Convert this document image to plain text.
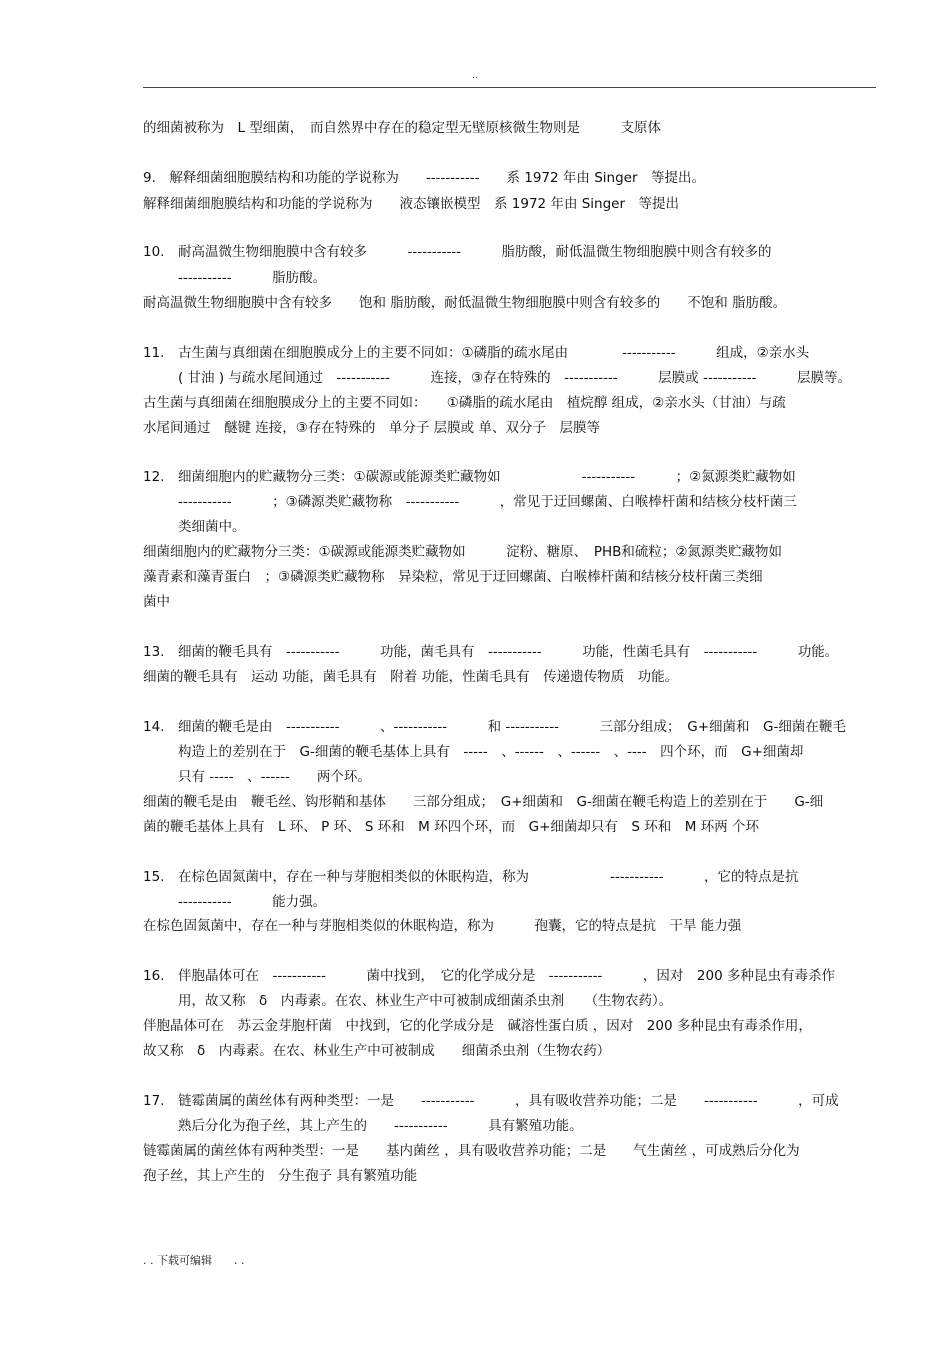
..
的细菌被称为　L 型细菌，　而自然界中存在的稳定型无壁原核微生物则是　　　支原体
9.　解释细菌细胞膜结构和功能的学说称为　　-----------　　系 1972 年由 Singer　等提出。
解释细菌细胞膜结构和功能的学说称为　　液态镶嵌模型　系 1972 年由 Singer　等提出
10.　耐高温微生物细胞膜中含有较多　　　-----------　　　脂肪酸，耐低温微生物细胞膜中则含有较多的
-----------　　　脂肪酸。
耐高温微生物细胞膜中含有较多　　饱和 脂肪酸，耐低温微生物细胞膜中则含有较多的　　不饱和 脂肪酸。
11.　古生菌与真细菌在细胞膜成分上的主要不同如：①磷脂的疏水尾由　　　　-----------　　　组成，②亲水头
( 甘油 ) 与疏水尾间通过　-----------　　　连接，③存在特殊的　-----------　　　层膜或 -----------　　　层膜等。
古生菌与真细菌在细胞膜成分上的主要不同如：　　①磷脂的疏水尾由　植烷醇 组成，②亲水头（甘油）与疏
水尾间通过　醚键 连接，③存在特殊的　单分子 层膜或 单、双分子　层膜等
12.　细菌细胞内的贮藏物分三类：①碳源或能源类贮藏物如　　　　　　-----------　　　；②氮源类贮藏物如
-----------　　　；③磷源类贮藏物称　-----------　　　，常见于迂回螺菌、白喉棒杆菌和结核分枝杆菌三
类细菌中。
细菌细胞内的贮藏物分三类：①碳源或能源类贮藏物如　　　淀粉、糖原、　PHB和硫粒；②氮源类贮藏物如
藻青素和藻青蛋白　；③磷源类贮藏物称　异染粒，常见于迂回螺菌、白喉棒杆菌和结核分枝杆菌三类细
菌中
13.　细菌的鞭毛具有　-----------　　　功能，菌毛具有　-----------　　　功能，性菌毛具有　-----------　　　功能。
细菌的鞭毛具有　运动 功能，菌毛具有　附着 功能，性菌毛具有　传递遗传物质　功能。
14.　细菌的鞭毛是由　-----------　　　、-----------　　　和 -----------　　　三部分组成；　G+细菌和　G-细菌在鞭毛
构造上的差别在于　G-细菌的鞭毛基体上具有　-----　、------　、------　、----　四个环，而　G+细菌却
只有 -----　、------　　两个环。
细菌的鞭毛是由　鞭毛丝、钩形鞘和基体　　三部分组成；　G+细菌和　G-细菌在鞭毛构造上的差别在于　　G-细
菌的鞭毛基体上具有　L 环、 P 环、 S 环和　M 环四个环，而　G+细菌却只有　S 环和　M 环两 个环
15.　在棕色固氮菌中，存在一种与芽胞相类似的休眠构造，称为　　　　　　-----------　　　，它的特点是抗
-----------　　　能力强。
在棕色固氮菌中，存在一种与芽胞相类似的休眠构造，称为　　　孢囊，它的特点是抗　干旱 能力强
16.　伴胞晶体可在　-----------　　　菌中找到，　它的化学成分是　-----------　　　，因对　200 多种昆虫有毒杀作
用，故又称　δ　内毒素。在农、林业生产中可被制成细菌杀虫剂　　（生物农药）。
伴胞晶体可在　苏云金芽胞杆菌　中找到，它的化学成分是　碱溶性蛋白质 ，因对　200 多种昆虫有毒杀作用，
故又称　δ　内毒素。在农、林业生产中可被制成　　细菌杀虫剂（生物农药）
17.　链霉菌属的菌丝体有两种类型：一是　　-----------　　　，具有吸收营养功能；二是　　-----------　　　，可成
熟后分化为孢子丝，其上产生的　　-----------　　　具有繁殖功能。
链霉菌属的菌丝体有两种类型：一是　　基内菌丝 ，具有吸收营养功能；二是　　气生菌丝 ，可成熟后分化为
孢子丝，其上产生的　分生孢子 具有繁殖功能
. . 下载可编辑　　. .
